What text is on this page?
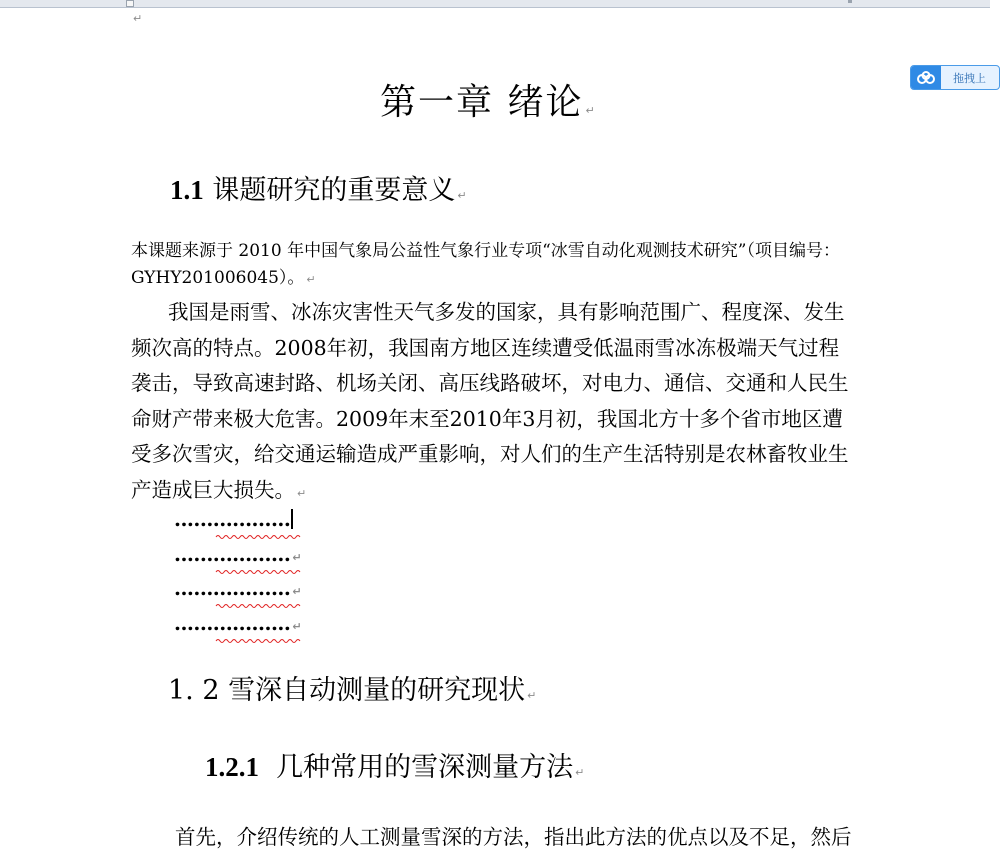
↵
第一章 绪论 ↵
1.1 课题研究的重要意义 ↵
本课题来源于 2010 年中国气象局公益性气象行业专项“冰雪自动化观测技术研究”（项目编号：GYHY201006045）。 ↵
我国是雨雪、冰冻灾害性天气多发的国家，具有影响范围广、程度深、发生频次高的特点。2008年初，我国南方地区连续遭受低温雨雪冰冻极端天气过程袭击，导致高速封路、机场关闭、高压线路破坏，对电力、通信、交通和人民生命财产带来极大危害。2009年末至2010年3月初，我国北方十多个省市地区遭受多次雪灾，给交通运输造成严重影响，对人们的生产生活特别是农林畜牧业生产造成巨大损失。 ↵
..................
.................. ↵
.................. ↵
.................. ↵
1. 2 雪深自动测量的研究现状 ↵
1.2.1 几种常用的雪深测量方法 ↵
首先，介绍传统的人工测量雪深的方法，指出此方法的优点以及不足，然后
拖拽上
